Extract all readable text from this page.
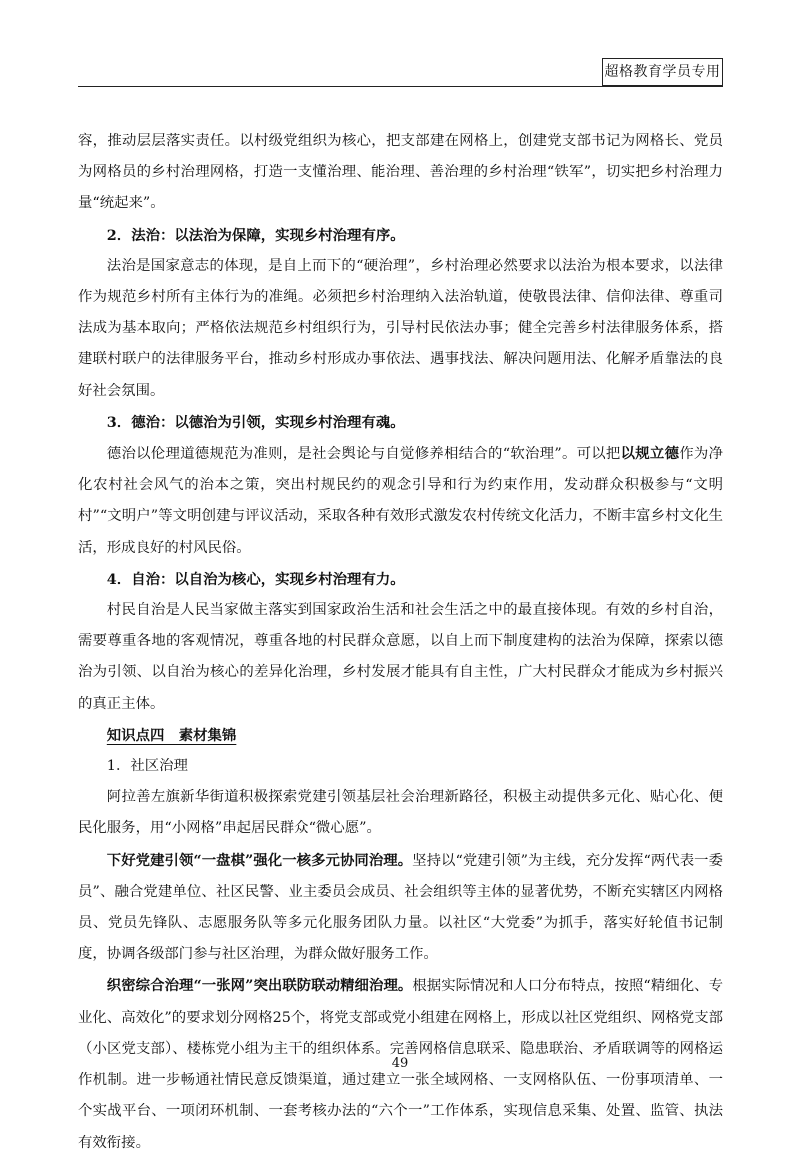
超格教育学员专用

容，推动层层落实责任。以村级党组织为核心，把支部建在网格上，创建党支部书记为网格长、党员为网格员的乡村治理网格，打造一支懂治理、能治理、善治理的乡村治理“铁军”，切实把乡村治理力量“统起来”。

2．法治：以法治为保障，实现乡村治理有序。

法治是国家意志的体现，是自上而下的“硬治理”，乡村治理必然要求以法治为根本要求，以法律作为规范乡村所有主体行为的准绳。必须把乡村治理纳入法治轨道，使敬畏法律、信仰法律、尊重司法成为基本取向；严格依法规范乡村组织行为，引导村民依法办事；健全完善乡村法律服务体系，搭建联村联户的法律服务平台，推动乡村形成办事依法、遇事找法、解决问题用法、化解矛盾靠法的良好社会氛围。

3．德治：以德治为引领，实现乡村治理有魂。

德治以伦理道德规范为准则，是社会舆论与自觉修养相结合的“软治理”。可以把以规立德作为净化农村社会风气的治本之策，突出村规民约的观念引导和行为约束作用，发动群众积极参与“文明村”“文明户”等文明创建与评议活动，采取各种有效形式激发农村传统文化活力，不断丰富乡村文化生活，形成良好的村风民俗。

4．自治：以自治为核心，实现乡村治理有力。

村民自治是人民当家做主落实到国家政治生活和社会生活之中的最直接体现。有效的乡村自治，需要尊重各地的客观情况，尊重各地的村民群众意愿，以自上而下制度建构的法治为保障，探索以德治为引领、以自治为核心的差异化治理，乡村发展才能具有自主性，广大村民群众才能成为乡村振兴的真正主体。

知识点四　素材集锦

1．社区治理

阿拉善左旗新华街道积极探索党建引领基层社会治理新路径，积极主动提供多元化、贴心化、便民化服务，用“小网格”串起居民群众“微心愿”。

下好党建引领“一盘棋”强化一核多元协同治理。坚持以“党建引领”为主线，充分发挥“两代表一委员”、融合党建单位、社区民警、业主委员会成员、社会组织等主体的显著优势，不断充实辖区内网格员、党员先锋队、志愿服务队等多元化服务团队力量。以社区“大党委”为抓手，落实好轮值书记制度，协调各级部门参与社区治理，为群众做好服务工作。

织密综合治理“一张网”突出联防联动精细治理。根据实际情况和人口分布特点，按照“精细化、专业化、高效化”的要求划分网格25个，将党支部或党小组建在网格上，形成以社区党组织、网格党支部（小区党支部）、楼栋党小组为主干的组织体系。完善网格信息联采、隐患联治、矛盾联调等的网格运作机制。进一步畅通社情民意反馈渠道，通过建立一张全域网格、一支网格队伍、一份事项清单、一个实战平台、一项闭环机制、一套考核办法的“六个一”工作体系，实现信息采集、处置、监管、执法有效衔接。

49
